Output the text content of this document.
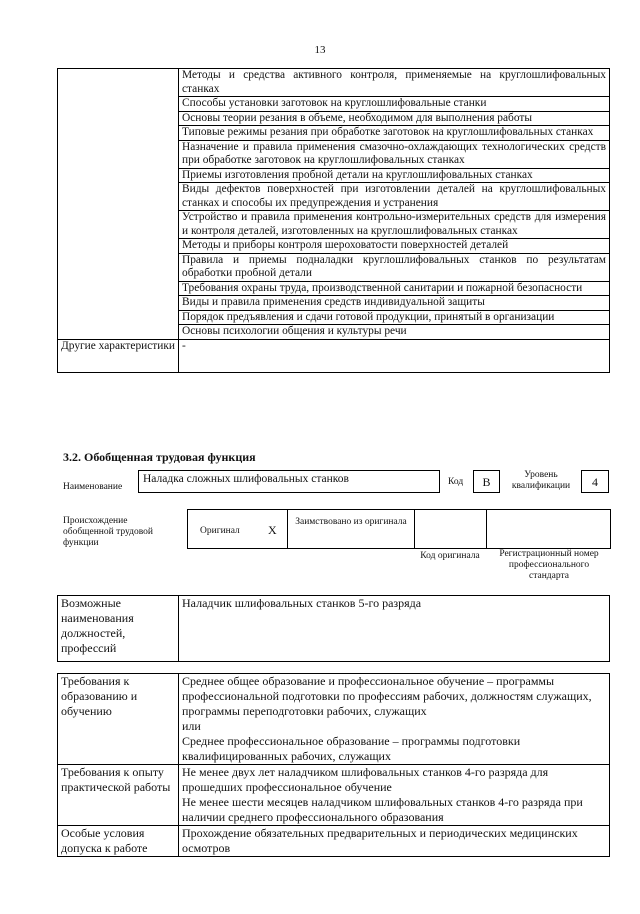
13
	Методы и средства активного контроля, применяемые на круглошлифовальных станках
	Способы установки заготовок на круглошлифовальные станки
	Основы теории резания в объеме, необходимом для выполнения работы
	Типовые режимы резания при обработке заготовок на круглошлифовальных станках
	Назначение и правила применения смазочно-охлаждающих технологических средств при обработке заготовок на круглошлифовальных станках
	Приемы изготовления пробной детали на круглошлифовальных станках
	Виды дефектов поверхностей при изготовлении деталей на круглошлифовальных станках и способы их предупреждения и устранения
	Устройство и правила применения контрольно-измерительных средств для измерения и контроля деталей, изготовленных на круглошлифовальных станках
	Методы и приборы контроля шероховатости поверхностей деталей
	Правила и приемы подналадки круглошлифовальных станков по результатам обработки пробной детали
	Требования охраны труда, производственной санитарии и пожарной безопасности
	Виды и правила применения средств индивидуальной защиты
	Порядок предъявления и сдачи готовой продукции, принятый в организации
	Основы психологии общения и культуры речи
Другие характеристики	-
3.2. Обобщенная трудовая функция
Наименование
Наладка сложных шлифовальных станков	Код	В	Уровень квалификации	4
Происхождение обобщенной трудовой функции
Оригинал X
Заимствовано из оригинала
Код оригинала	Регистрационный номер профессионального стандарта
Возможные наименования должностей, профессий	Наладчик шлифовальных станков 5-го разряда
Требования к образованию и обучению	Среднее общее образование и профессиональное обучение – программы профессиональной подготовки по профессиям рабочих, должностям служащих, программы переподготовки рабочих, служащих
или
Среднее профессиональное образование – программы подготовки квалифицированных рабочих, служащих

Требования к опыту практической работы	Не менее двух лет наладчиком шлифовальных станков 4-го разряда для прошедших профессиональное обучение
Не менее шести месяцев наладчиком шлифовальных станков 4-го разряда при наличии среднего профессионального образования

Особые условия допуска к работе	Прохождение обязательных предварительных и периодических медицинских осмотров
